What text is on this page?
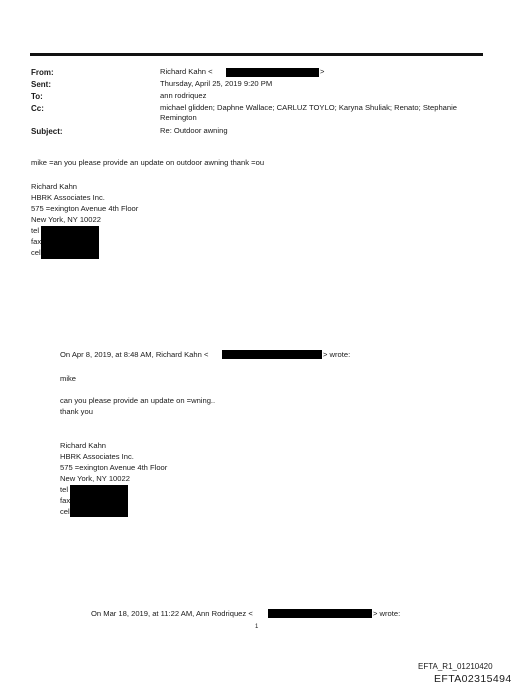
From:	Richard Kahn <	>
Sent:	Thursday, April 25, 2019 9:20 PM
To:	ann rodriquez
Cc:	michael glidden; Daphne Wallace; CARLUZ TOYLO; Karyna Shuliak; Renato; Stephanie
Remington
Subject:	Re: Outdoor awning
mike =an you please provide an update on outdoor awning thank =ou
Richard Kahn
HBRK Associates Inc.
575 =exington Avenue 4th Floor
New York, NY 10022
tel
fax
cel
On Apr 8, 2019, at 8:48 AM, Richard Kahn <	> wrote:
mike
can you please provide an update on =wning..
thank you
Richard Kahn
HBRK Associates Inc.
575 =exington Avenue 4th Floor
New York, NY 10022
tel
fax
cel
On Mar 18, 2019, at 11:22 AM, Ann Rodriquez <	> wrote:
1
EFTA_R1_01210420
EFTA02315494
